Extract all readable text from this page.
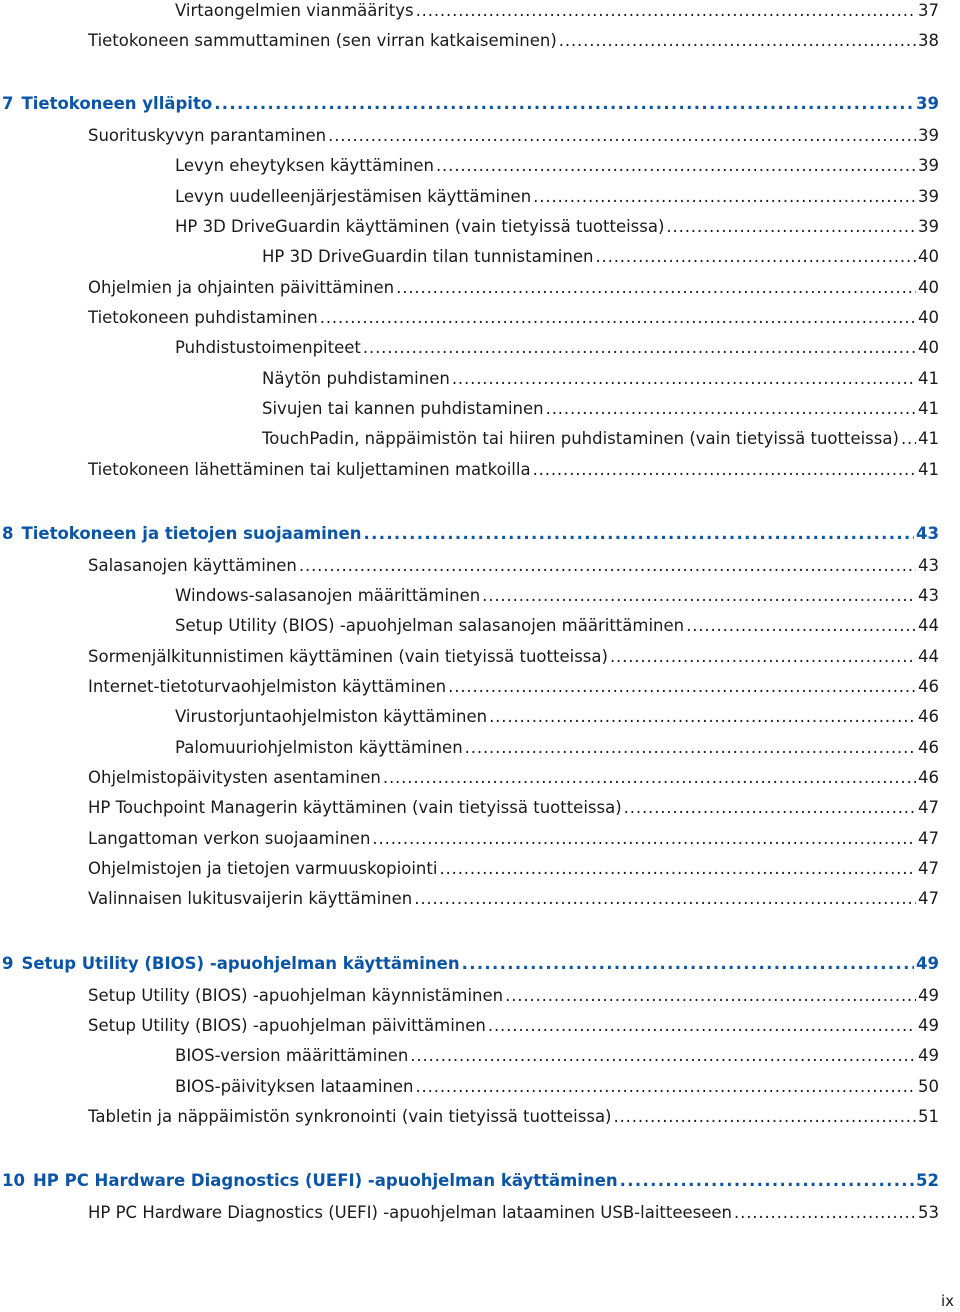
Virtaongelmien vianmääritys . . .	37
Tietokoneen sammuttaminen (sen virran katkaiseminen) . . .	38
7 Tietokoneen ylläpito . . .	39
Suorituskyvyn parantaminen . . .	39
Levyn eheytyksen käyttäminen . . .	39
Levyn uudelleenjärjestämisen käyttäminen . . .	39
HP 3D DriveGuardin käyttäminen (vain tietyissä tuotteissa) . . .	39
HP 3D DriveGuardin tilan tunnistaminen . . .	40
Ohjelmien ja ohjainten päivittäminen . . .	40
Tietokoneen puhdistaminen . . .	40
Puhdistustoimenpiteet . . .	40
Näytön puhdistaminen . . .	41
Sivujen tai kannen puhdistaminen . . .	41
TouchPadin, näppäimistön tai hiiren puhdistaminen (vain tietyissä tuotteissa) . . . 41
Tietokoneen lähettäminen tai kuljettaminen matkoilla . . .	41
8 Tietokoneen ja tietojen suojaaminen . . .	43
Salasanojen käyttäminen . . .	43
Windows-salasanojen määrittäminen . . .	43
Setup Utility (BIOS) -apuohjelman salasanojen määrittäminen . . .	44
Sormenjälkitunnistimen käyttäminen (vain tietyissä tuotteissa) . . .	44
Internet-tietoturvaohjelmiston käyttäminen . . .	46
Virustorjuntaohjelmiston käyttäminen . . .	46
Palomuuriohjelmiston käyttäminen . . .	46
Ohjelmistopäivitysten asentaminen . . .	46
HP Touchpoint Managerin käyttäminen (vain tietyissä tuotteissa) . . .	47
Langattoman verkon suojaaminen . . .	47
Ohjelmistojen ja tietojen varmuuskopiointi . . .	47
Valinnaisen lukitusvaijerin käyttäminen . . .	47
9 Setup Utility (BIOS) -apuohjelman käyttäminen . . .	49
Setup Utility (BIOS) -apuohjelman käynnistäminen . . .	49
Setup Utility (BIOS) -apuohjelman päivittäminen . . .	49
BIOS-version määrittäminen . . .	49
BIOS-päivityksen lataaminen . . .	50
Tabletin ja näppäimistön synkronointi (vain tietyissä tuotteissa) . . .	51
10 HP PC Hardware Diagnostics (UEFI) -apuohjelman käyttäminen . . .	52
HP PC Hardware Diagnostics (UEFI) -apuohjelman lataaminen USB-laitteeseen . . .	53
ix
